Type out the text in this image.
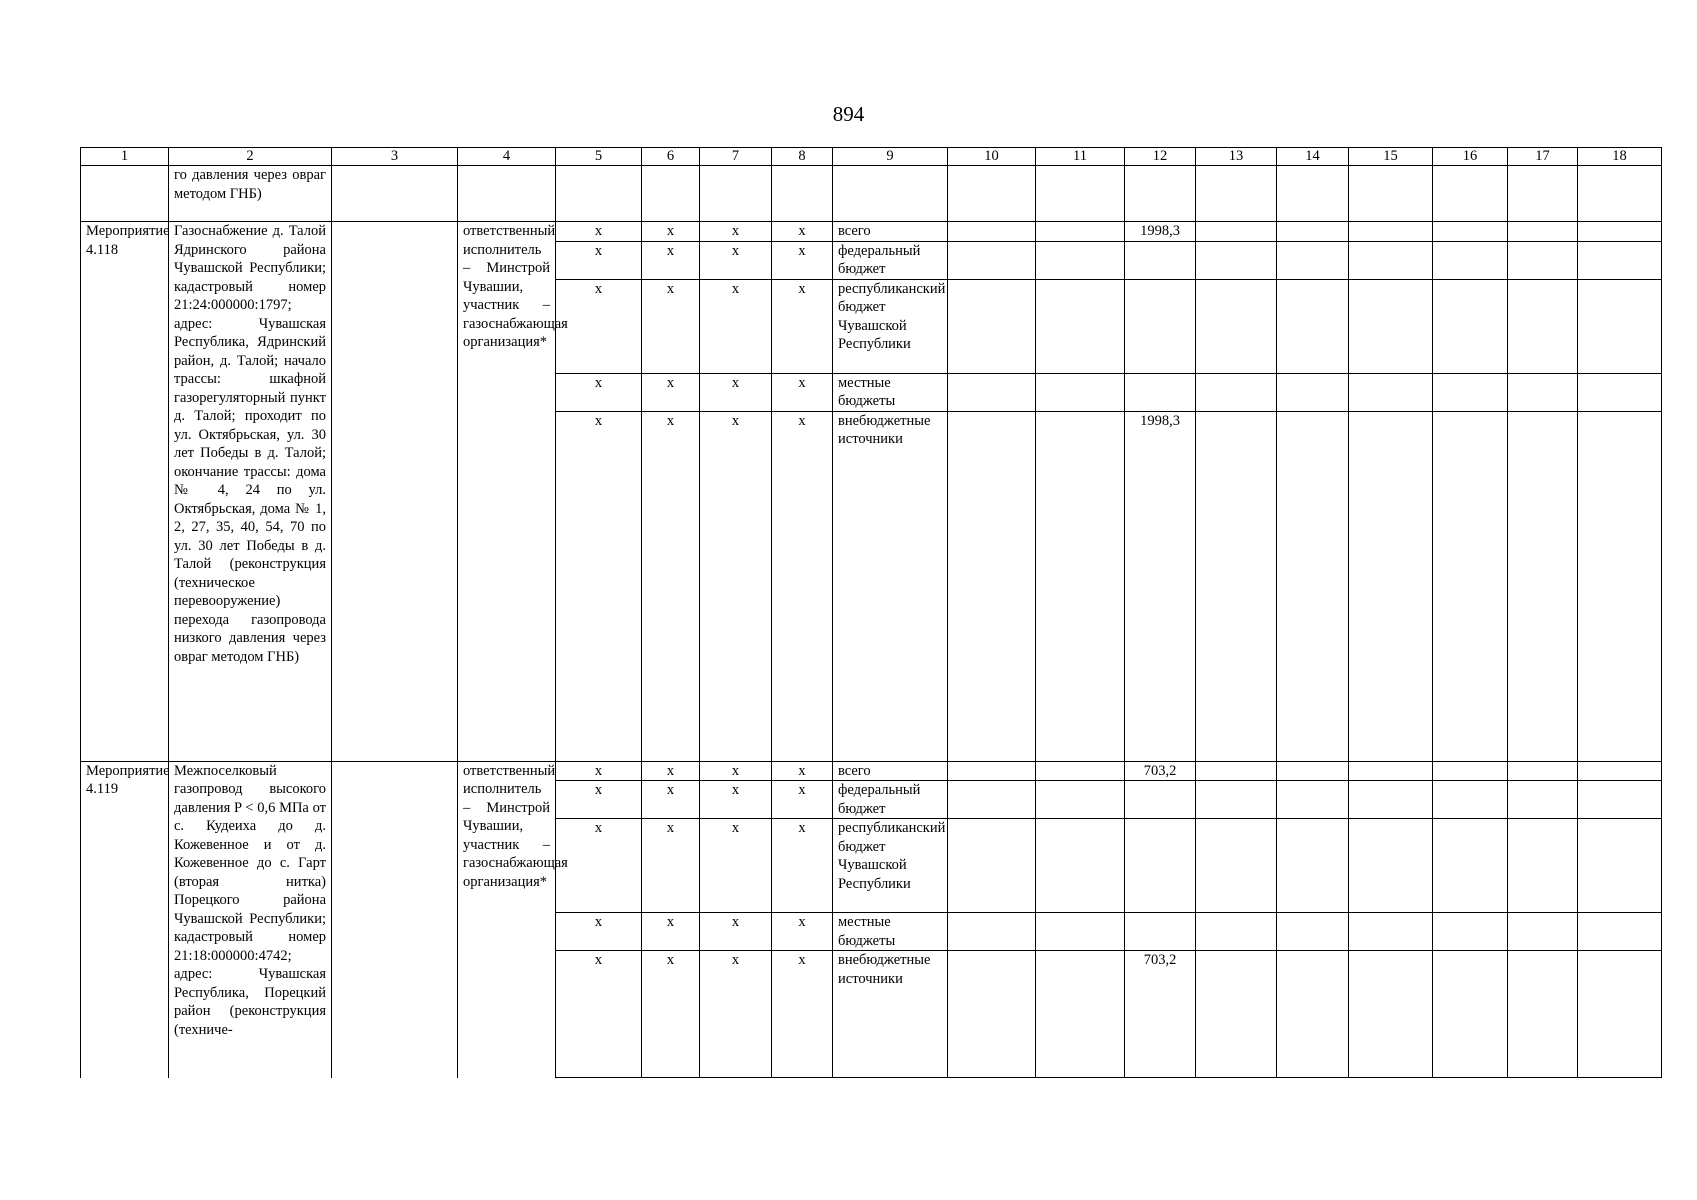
894
1	2	3	4	5	6	7	8	9	10	11	12	13	14	15	16	17	18
	го давления через овраг методом ГНБ)																
Мероприятие 4.118	Газоснабжение д. Талой Ядринского района Чувашской Республики; кадастровый номер 21:24:000000:1797; адрес: Чувашская Республика, Ядринский район, д. Талой; начало трассы: шкафной газорегуляторный пункт д. Талой; проходит по ул. Октябрьская, ул. 30 лет Победы в д. Талой; окончание трассы: дома № 4, 24 по ул. Октябрьская, дома № 1, 2, 27, 35, 40, 54, 70 по ул. 30 лет Победы в д. Талой (реконструкция (техническое перевооружение) перехода газопровода низкого давления через овраг методом ГНБ)		ответственный исполнитель – Минстрой Чувашии, участник – газоснабжающая организация*	х	х	х	х	всего			1998,3						
				х	х	х	х	федеральный бюджет									
				х	х	х	х	республиканский бюджет Чувашской Республики									
				х	х	х	х	местные бюджеты									
				х	х	х	х	внебюджетные источники			1998,3						
Мероприятие 4.119	Межпоселковый газопровод высокого давления P < 0,6 МПа от с. Кудеиха до д. Кожевенное и от д. Кожевенное до с. Гарт (вторая нитка) Порецкого района Чувашской Республики; кадастровый номер 21:18:000000:4742; адрес: Чувашская Республика, Порецкий район (реконструкция (техниче-		ответственный исполнитель – Минстрой Чувашии, участник – газоснабжающая организация*	х	х	х	х	всего			703,2						
				х	х	х	х	федеральный бюджет									
				х	х	х	х	республиканский бюджет Чувашской Республики									
				х	х	х	х	местные бюджеты									
				х	х	х	х	внебюджетные источники			703,2						
